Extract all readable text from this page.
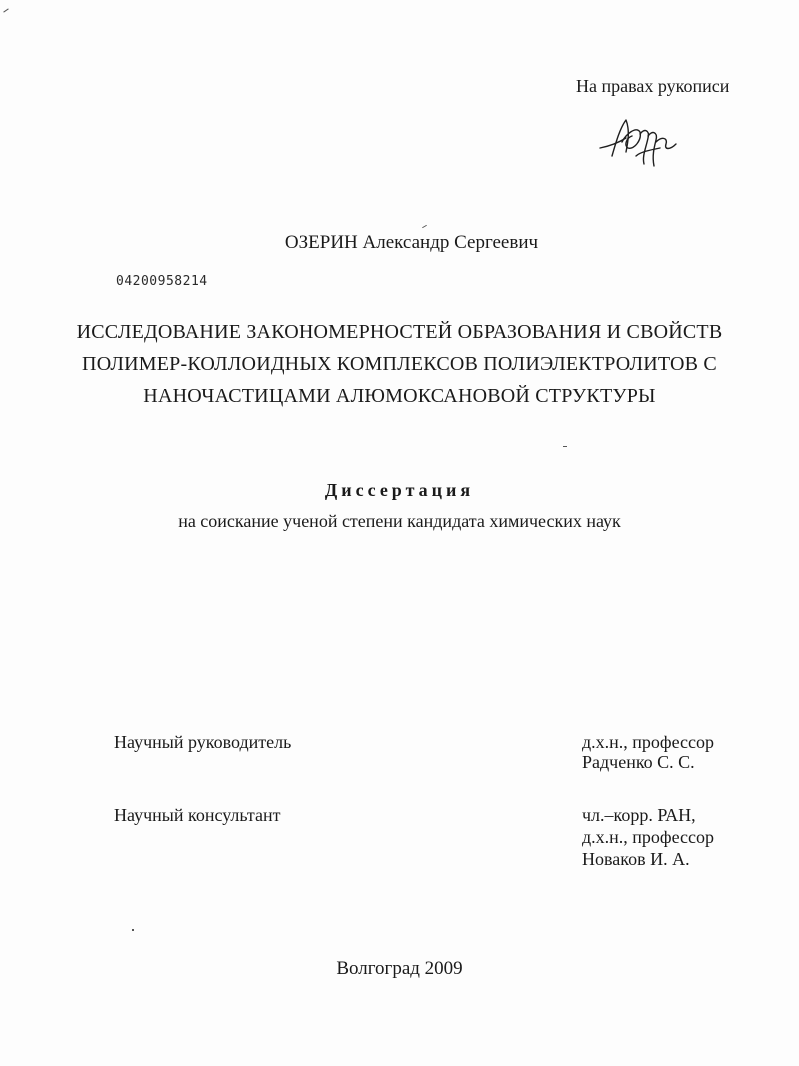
На правах рукописи
ОЗЕРИН Александр Сергеевич
04200958214
ИССЛЕДОВАНИЕ ЗАКОНОМЕРНОСТЕЙ ОБРАЗОВАНИЯ И СВОЙСТВ
ПОЛИМЕР-КОЛЛОИДНЫХ КОМПЛЕКСОВ ПОЛИЭЛЕКТРОЛИТОВ С
НАНОЧАСТИЦАМИ АЛЮМОКСАНОВОЙ СТРУКТУРЫ
Диссертация
на соискание ученой степени кандидата химических наук
Научный руководитель	д.х.н., профессор
Радченко С. С.
Научный консультант	чл.–корр. РАН,
д.х.н., профессор
Новаков И. А.
Волгоград 2009
